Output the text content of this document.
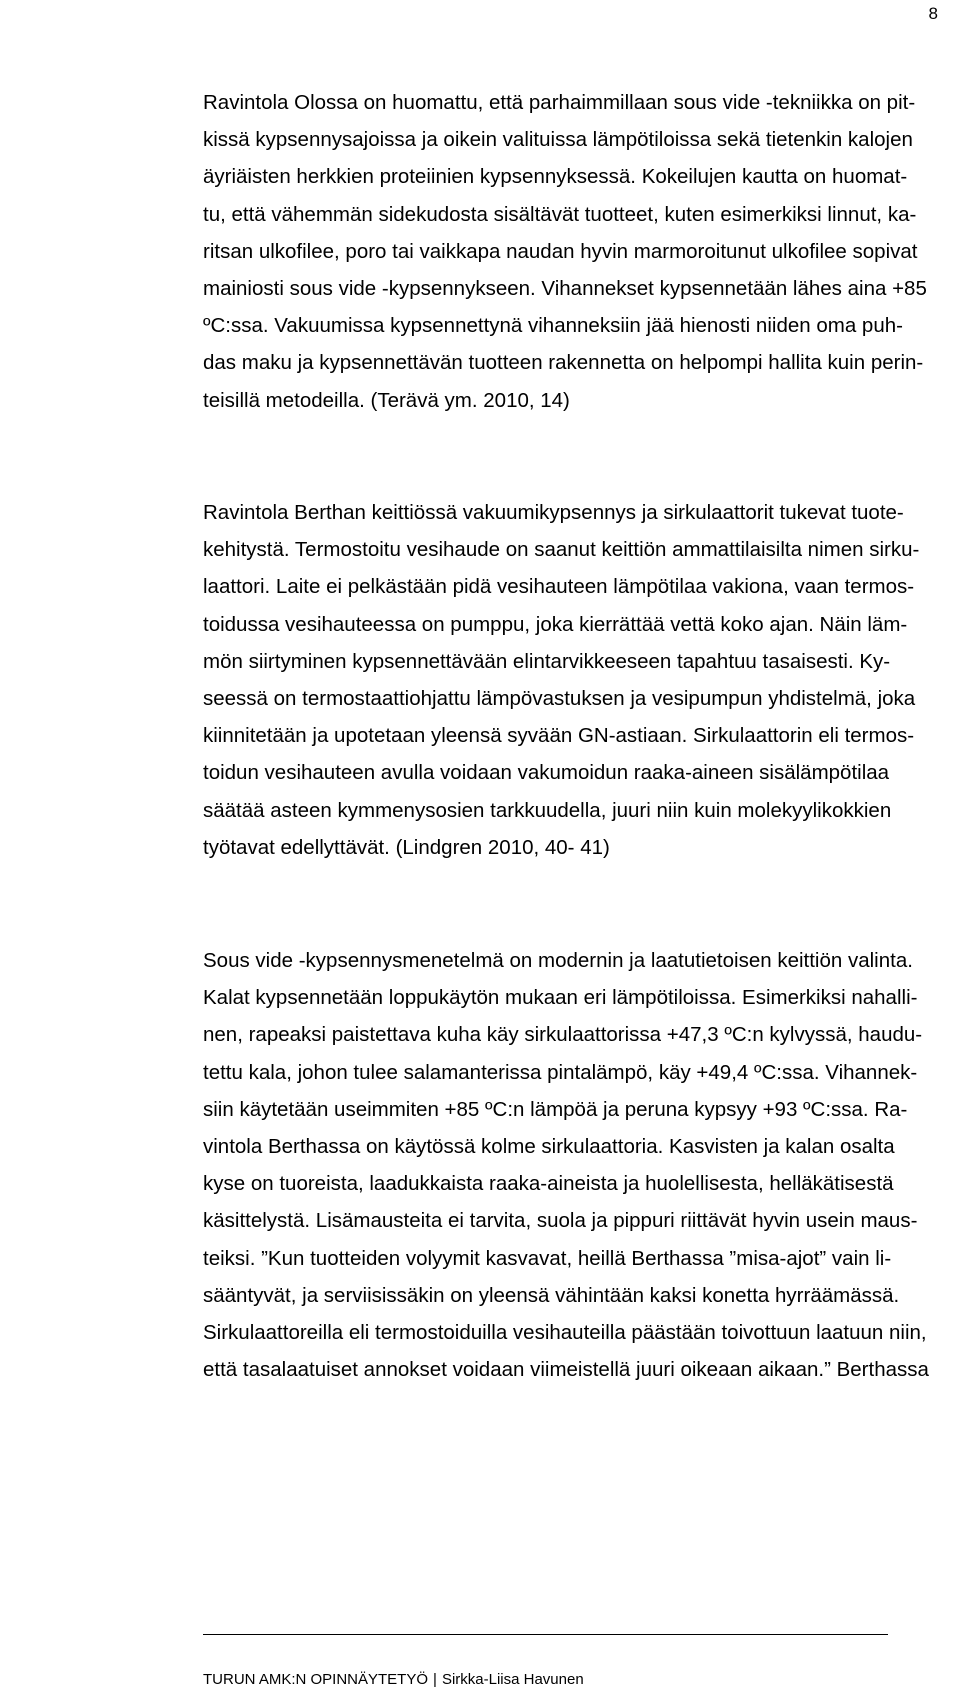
8
Ravintola Olossa on huomattu, että parhaimmillaan sous vide -tekniikka on pit-
kissä kypsennysajoissa ja oikein valituissa lämpötiloissa sekä tietenkin kalojen
äyriäisten herkkien proteiinien kypsennyksessä. Kokeilujen kautta on huomat-
tu, että vähemmän sidekudosta sisältävät tuotteet, kuten esimerkiksi linnut, ka-
ritsan ulkofilee, poro tai vaikkapa naudan hyvin marmoroitunut ulkofilee sopivat
mainiosti sous vide -kypsennykseen. Vihannekset kypsennetään lähes aina +85
ºC:ssa. Vakuumissa kypsennettynä vihanneksiin jää hienosti niiden oma puh-
das maku ja kypsennettävän tuotteen rakennetta on helpompi hallita kuin perin-
teisillä metodeilla. (Terävä ym. 2010, 14)
Ravintola Berthan keittiössä vakuumikypsennys ja sirkulaattorit tukevat tuote-
kehitystä. Termostoitu vesihaude on saanut keittiön ammattilaisilta nimen sirku-
laattori. Laite ei pelkästään pidä vesihauteen lämpötilaa vakiona, vaan termos-
toidussa vesihauteessa on pumppu, joka kierrättää vettä koko ajan. Näin läm-
mön siirtyminen kypsennettävään elintarvikkeeseen tapahtuu tasaisesti. Ky-
seessä on termostaattiohjattu lämpövastuksen ja vesipumpun yhdistelmä, joka
kiinnitetään ja upotetaan yleensä syvään GN-astiaan. Sirkulaattorin eli termos-
toidun vesihauteen avulla voidaan vakumoidun raaka-aineen sisälämpötilaa
säätää asteen kymmenysosien tarkkuudella, juuri niin kuin molekyylikokkien
työtavat edellyttävät. (Lindgren 2010, 40- 41)
Sous vide -kypsennysmenetelmä on modernin ja laatutietoisen keittiön valinta.
Kalat kypsennetään loppukäytön mukaan eri lämpötiloissa. Esimerkiksi nahalli-
nen, rapeaksi paistettava kuha käy sirkulaattorissa +47,3 ºC:n kylvyssä, haudu-
tettu kala, johon tulee salamanterissa pintalämpö, käy +49,4 ºC:ssa. Vihannek-
siin käytetään useimmiten +85 ºC:n lämpöä ja peruna kypsyy +93 ºC:ssa. Ra-
vintola Berthassa on käytössä kolme sirkulaattoria. Kasvisten ja kalan osalta
kyse on tuoreista, laadukkaista raaka-aineista ja huolellisesta, helläkätisestä
käsittelystä. Lisämausteita ei tarvita, suola ja pippuri riittävät hyvin usein maus-
teiksi. ”Kun tuotteiden volyymit kasvavat, heillä Berthassa ”misa-ajot” vain li-
sääntyvät, ja serviisissäkin on yleensä vähintään kaksi konetta hyrräämässä.
Sirkulaattoreilla eli termostoiduilla vesihauteilla päästään toivottuun laatuun niin,
että tasalaatuiset annokset voidaan viimeistellä juuri oikeaan aikaan.” Berthassa
TURUN AMK:N OPINNÄYTETYÖ | Sirkka-Liisa Havunen
